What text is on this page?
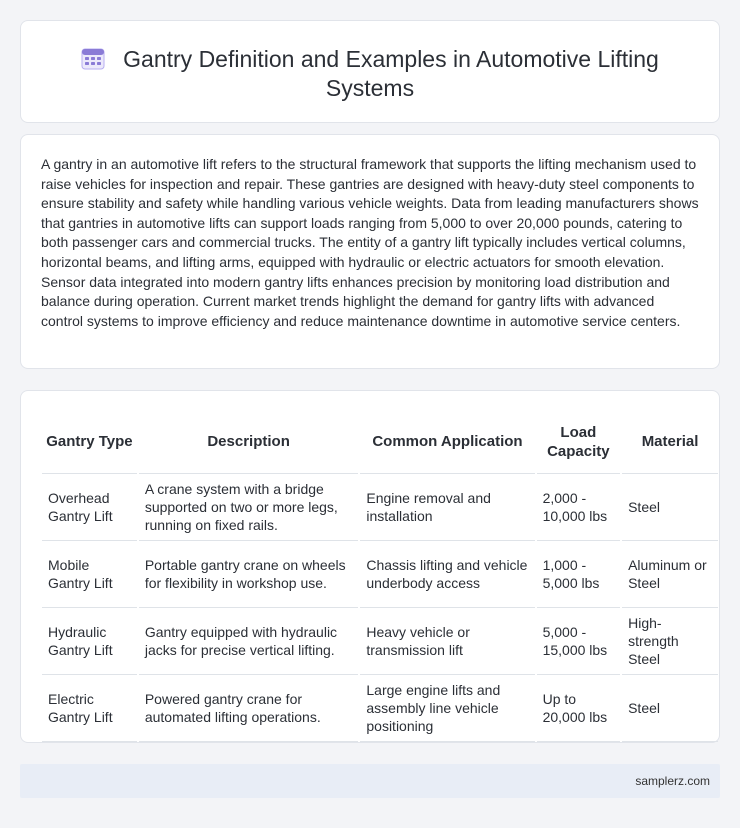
Gantry Definition and Examples in Automotive Lifting Systems

A gantry in an automotive lift refers to the structural framework that supports the lifting mechanism used to raise vehicles for inspection and repair. These gantries are designed with heavy-duty steel components to ensure stability and safety while handling various vehicle weights. Data from leading manufacturers shows that gantries in automotive lifts can support loads ranging from 5,000 to over 20,000 pounds, catering to both passenger cars and commercial trucks. The entity of a gantry lift typically includes vertical columns, horizontal beams, and lifting arms, equipped with hydraulic or electric actuators for smooth elevation. Sensor data integrated into modern gantry lifts enhances precision by monitoring load distribution and balance during operation. Current market trends highlight the demand for gantry lifts with advanced control systems to improve efficiency and reduce maintenance downtime in automotive service centers.

Gantry Type	Description	Common Application	Load Capacity	Material
Overhead Gantry Lift	A crane system with a bridge supported on two or more legs, running on fixed rails.	Engine removal and installation	2,000 - 10,000 lbs	Steel
Mobile Gantry Lift	Portable gantry crane on wheels for flexibility in workshop use.	Chassis lifting and vehicle underbody access	1,000 - 5,000 lbs	Aluminum or Steel
Hydraulic Gantry Lift	Gantry equipped with hydraulic jacks for precise vertical lifting.	Heavy vehicle or transmission lift	5,000 - 15,000 lbs	High-strength Steel
Electric Gantry Lift	Powered gantry crane for automated lifting operations.	Large engine lifts and assembly line vehicle positioning	Up to 20,000 lbs	Steel
samplerz.com
